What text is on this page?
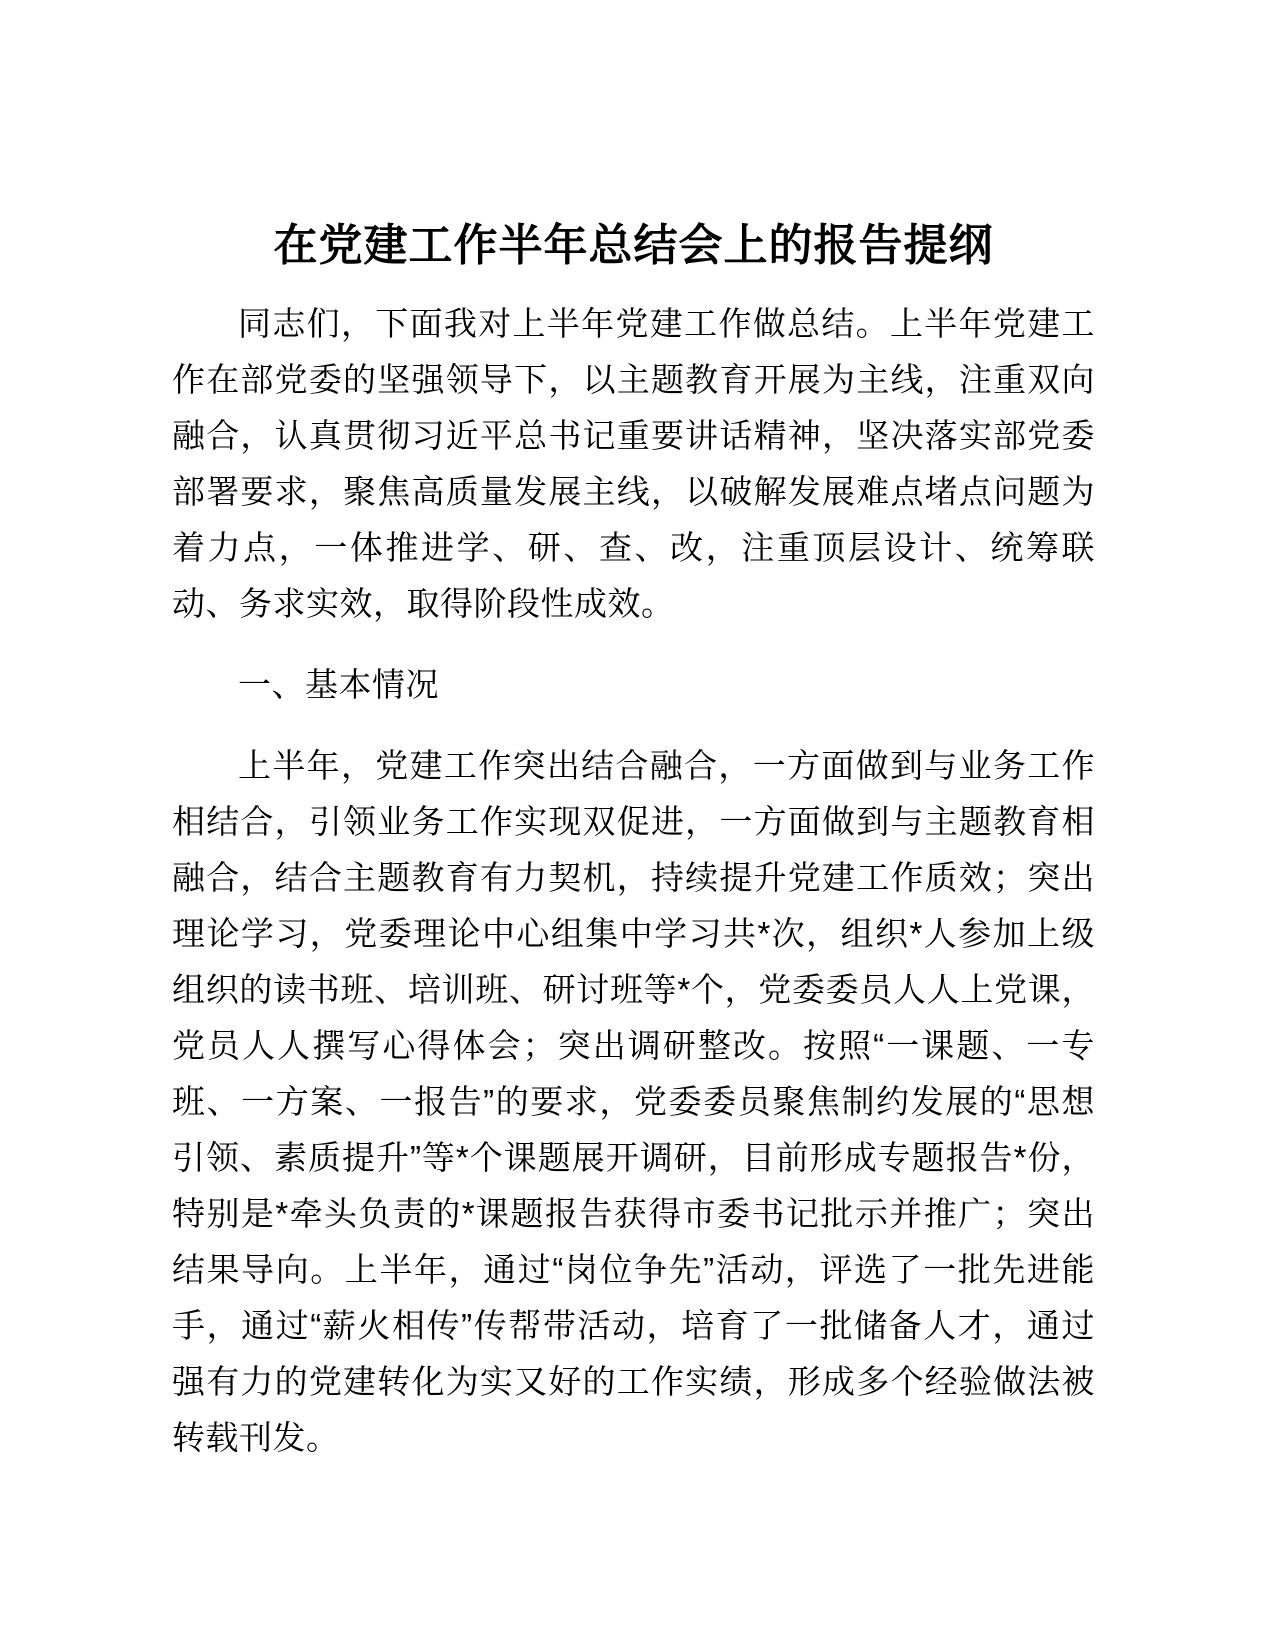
在党建工作半年总结会上的报告提纲

同志们，下面我对上半年党建工作做总结。上半年党建工作在部党委的坚强领导下，以主题教育开展为主线，注重双向融合，认真贯彻习近平总书记重要讲话精神，坚决落实部党委部署要求，聚焦高质量发展主线，以破解发展难点堵点问题为着力点，一体推进学、研、查、改，注重顶层设计、统筹联动、务求实效，取得阶段性成效。

一、基本情况

上半年，党建工作突出结合融合，一方面做到与业务工作相结合，引领业务工作实现双促进，一方面做到与主题教育相融合，结合主题教育有力契机，持续提升党建工作质效；突出理论学习，党委理论中心组集中学习共*次，组织*人参加上级组织的读书班、培训班、研讨班等*个，党委委员人人上党课，党员人人撰写心得体会；突出调研整改。按照“一课题、一专班、一方案、一报告”的要求，党委委员聚焦制约发展的“思想引领、素质提升”等*个课题展开调研，目前形成专题报告*份，特别是*牵头负责的*课题报告获得市委书记批示并推广；突出结果导向。上半年，通过“岗位争先”活动，评选了一批先进能手，通过“薪火相传”传帮带活动，培育了一批储备人才，通过强有力的党建转化为实又好的工作实绩，形成多个经验做法被转载刊发。
